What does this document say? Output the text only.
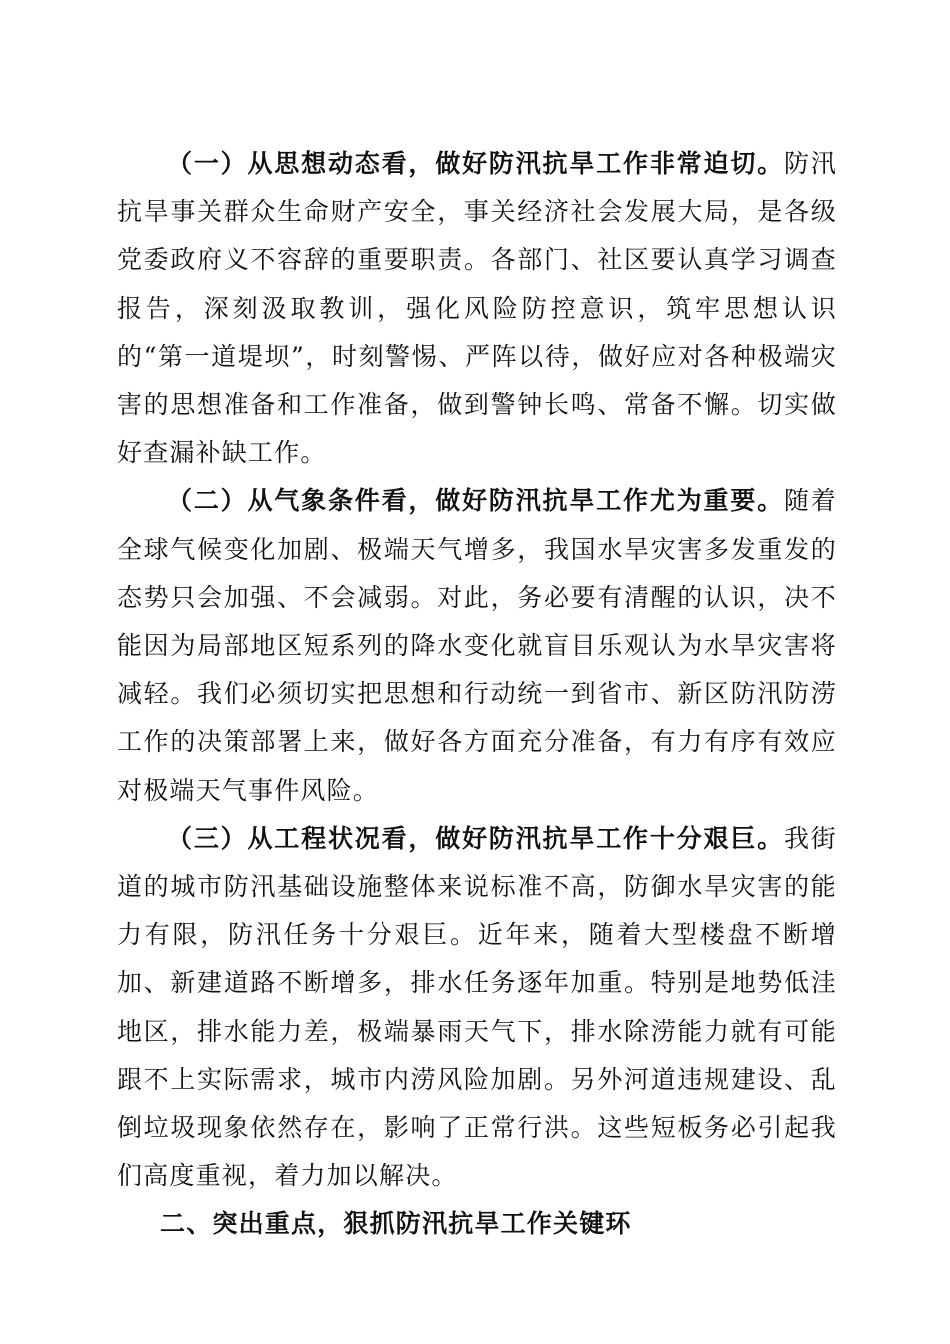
（一）从思想动态看，做好防汛抗旱工作非常迫切。防汛抗旱事关群众生命财产安全，事关经济社会发展大局，是各级党委政府义不容辞的重要职责。各部门、社区要认真学习调查报告，深刻汲取教训，强化风险防控意识，筑牢思想认识的“第一道堤坝”，时刻警惕、严阵以待，做好应对各种极端灾害的思想准备和工作准备，做到警钟长鸣、常备不懈。切实做好查漏补缺工作。

（二）从气象条件看，做好防汛抗旱工作尤为重要。随着全球气候变化加剧、极端天气增多，我国水旱灾害多发重发的态势只会加强、不会减弱。对此，务必要有清醒的认识，决不能因为局部地区短系列的降水变化就盲目乐观认为水旱灾害将减轻。我们必须切实把思想和行动统一到省市、新区防汛防涝工作的决策部署上来，做好各方面充分准备，有力有序有效应对极端天气事件风险。

（三）从工程状况看，做好防汛抗旱工作十分艰巨。我街道的城市防汛基础设施整体来说标准不高，防御水旱灾害的能力有限，防汛任务十分艰巨。近年来，随着大型楼盘不断增加、新建道路不断增多，排水任务逐年加重。特别是地势低洼地区，排水能力差，极端暴雨天气下，排水除涝能力就有可能跟不上实际需求，城市内涝风险加剧。另外河道违规建设、乱倒垃圾现象依然存在，影响了正常行洪。这些短板务必引起我们高度重视，着力加以解决。

二、突出重点，狠抓防汛抗旱工作关键环
